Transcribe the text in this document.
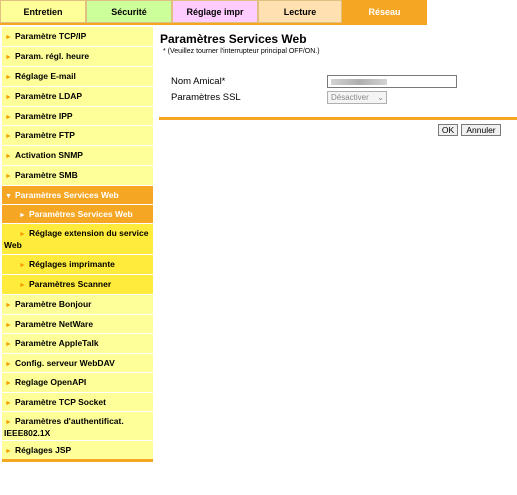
Entretien	Sécurité	Réglage impr	Lecture	Réseau
► Paramètre TCP/IP
► Param. régl. heure
► Réglage E-mail
► Paramètre LDAP
► Paramètre IPP
► Paramètre FTP
► Activation SNMP
► Paramètre SMB
▼ Paramètres Services Web
► Paramètres Services Web
► Réglage extension du service Web
► Réglages imprimante
► Paramètres Scanner
► Paramètre Bonjour
► Paramètre NetWare
► Paramètre AppleTalk
► Config. serveur WebDAV
► Reglage OpenAPI
► Paramètre TCP Socket
► Paramètres d'authentificat. IEEE802.1X
► Réglages JSP
Paramètres Services Web
* (Veuillez tourner l'interrupteur principal OFF/ON.)
Nom Amical*
Paramètres SSL	Désactiver ⌄
OK	Annuler
